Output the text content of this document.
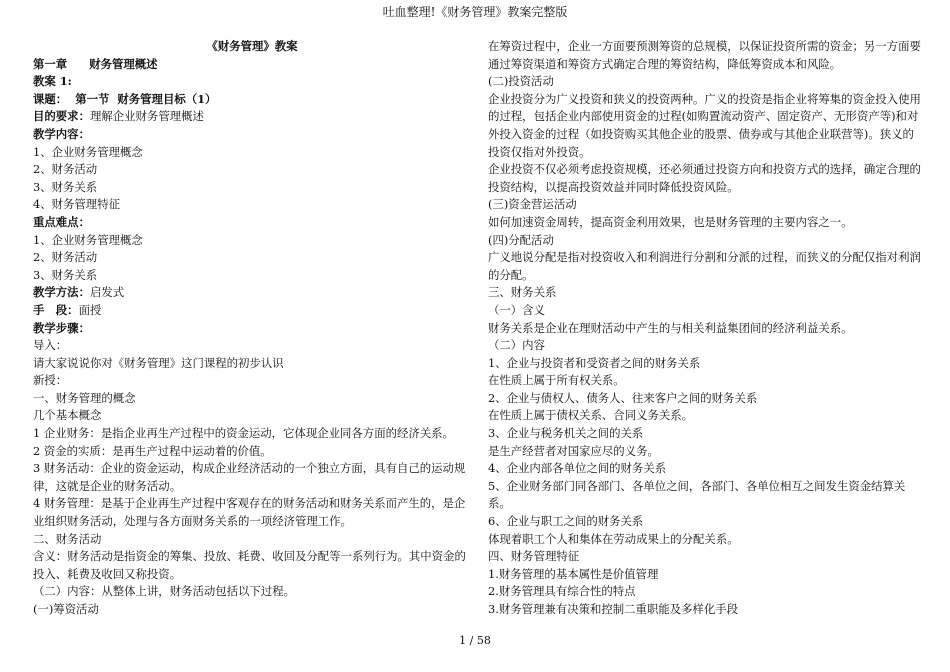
吐血整理!《财务管理》教案完整版

《财务管理》教案

第一章 财务管理概述

教案 1:

课题： 第一节 财务管理目标（1）

目的要求：理解企业财务管理概述

教学内容：

1、企业财务管理概念

2、财务活动

3、财务关系

4、财务管理特征

重点难点：

1、企业财务管理概念

2、财务活动

3、财务关系

教学方法：启发式

手　段：面授

教学步骤：

导入：

请大家说说你对《财务管理》这门课程的初步认识

新授：

一、财务管理的概念

几个基本概念

1 企业财务：是指企业再生产过程中的资金运动，它体现企业同各方面的经济关系。

2 资金的实质：是再生产过程中运动着的价值。

3 财务活动：企业的资金运动，构成企业经济活动的一个独立方面，具有自己的运动规律，这就是企业的财务活动。

4 财务管理：是基于企业再生产过程中客观存在的财务活动和财务关系而产生的，是企业组织财务活动，处理与各方面财务关系的一项经济管理工作。

二、财务活动

含义：财务活动是指资金的筹集、投放、耗费、收回及分配等一系列行为。其中资金的投入、耗费及收回又称投资。

（二）内容：从整体上讲，财务活动包括以下过程。

(一)筹资活动

在筹资过程中，企业一方面要预测筹资的总规模，以保证投资所需的资金；另一方面要通过筹资渠道和筹资方式确定合理的筹资结构，降低筹资成本和风险。

(二)投资活动

企业投资分为广义投资和狭义的投资两种。广义的投资是指企业将筹集的资金投入使用的过程，包括企业内部使用资金的过程(如购置流动资产、固定资产、无形资产等)和对外投入资金的过程（如投资购买其他企业的股票、债券或与其他企业联营等)。狭义的投资仅指对外投资。

企业投资不仅必须考虑投资规模，还必须通过投资方向和投资方式的选择，确定合理的投资结构，以提高投资效益并同时降低投资风险。

(三)资金营运活动

如何加速资金周转，提高资金利用效果，也是财务管理的主要内容之一。

(四)分配活动

广义地说分配是指对投资收入和利润进行分割和分派的过程，而狭义的分配仅指对利润的分配。

三、财务关系

（一）含义

财务关系是企业在理财活动中产生的与相关利益集团间的经济利益关系。

（二）内容

1、企业与投资者和受资者之间的财务关系

在性质上属于所有权关系。

2、企业与债权人、债务人、往来客户之间的财务关系

在性质上属于债权关系、合同义务关系。

3、企业与税务机关之间的关系

是生产经营者对国家应尽的义务。

4、企业内部各单位之间的财务关系

5、企业财务部门同各部门、各单位之间，各部门、各单位相互之间发生资金结算关系。

6、企业与职工之间的财务关系

体现着职工个人和集体在劳动成果上的分配关系。

四、财务管理特征

1.财务管理的基本属性是价值管理

2.财务管理具有综合性的特点

3.财务管理兼有决策和控制二重职能及多样化手段

1 / 58
